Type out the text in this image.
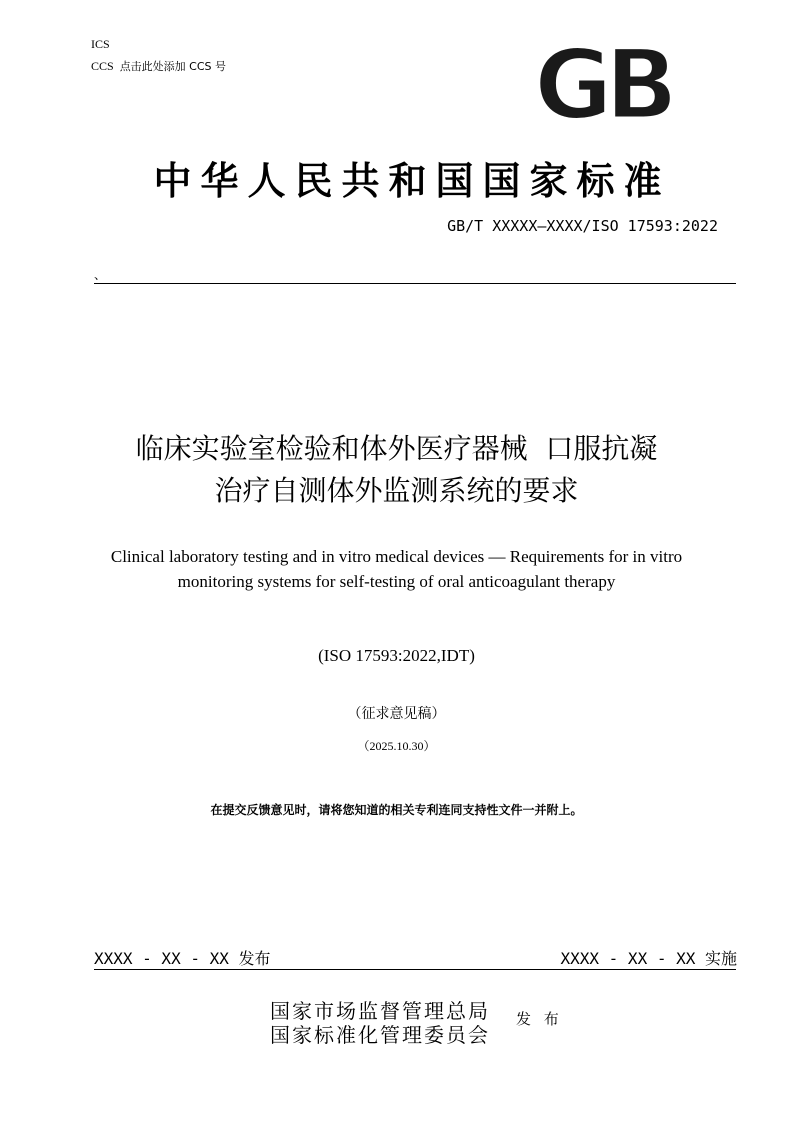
ICS
CCS 点击此处添加 CCS 号	GB
中华人民共和国国家标准
GB/T XXXXX—XXXX/ISO 17593:2022
、
临床实验室检验和体外医疗器械  口服抗凝
治疗自测体外监测系统的要求
Clinical laboratory testing and in vitro medical devices — Requirements for in vitro
monitoring systems for self-testing of oral anticoagulant therapy
(ISO 17593:2022,IDT)
（征求意见稿）
（2025.10.30）
在提交反馈意见时，请将您知道的相关专利连同支持性文件一并附上。
XXXX - XX - XX 发布	XXXX - XX - XX 实施
国家市场监督管理总局
国家标准化管理委员会
发 布
